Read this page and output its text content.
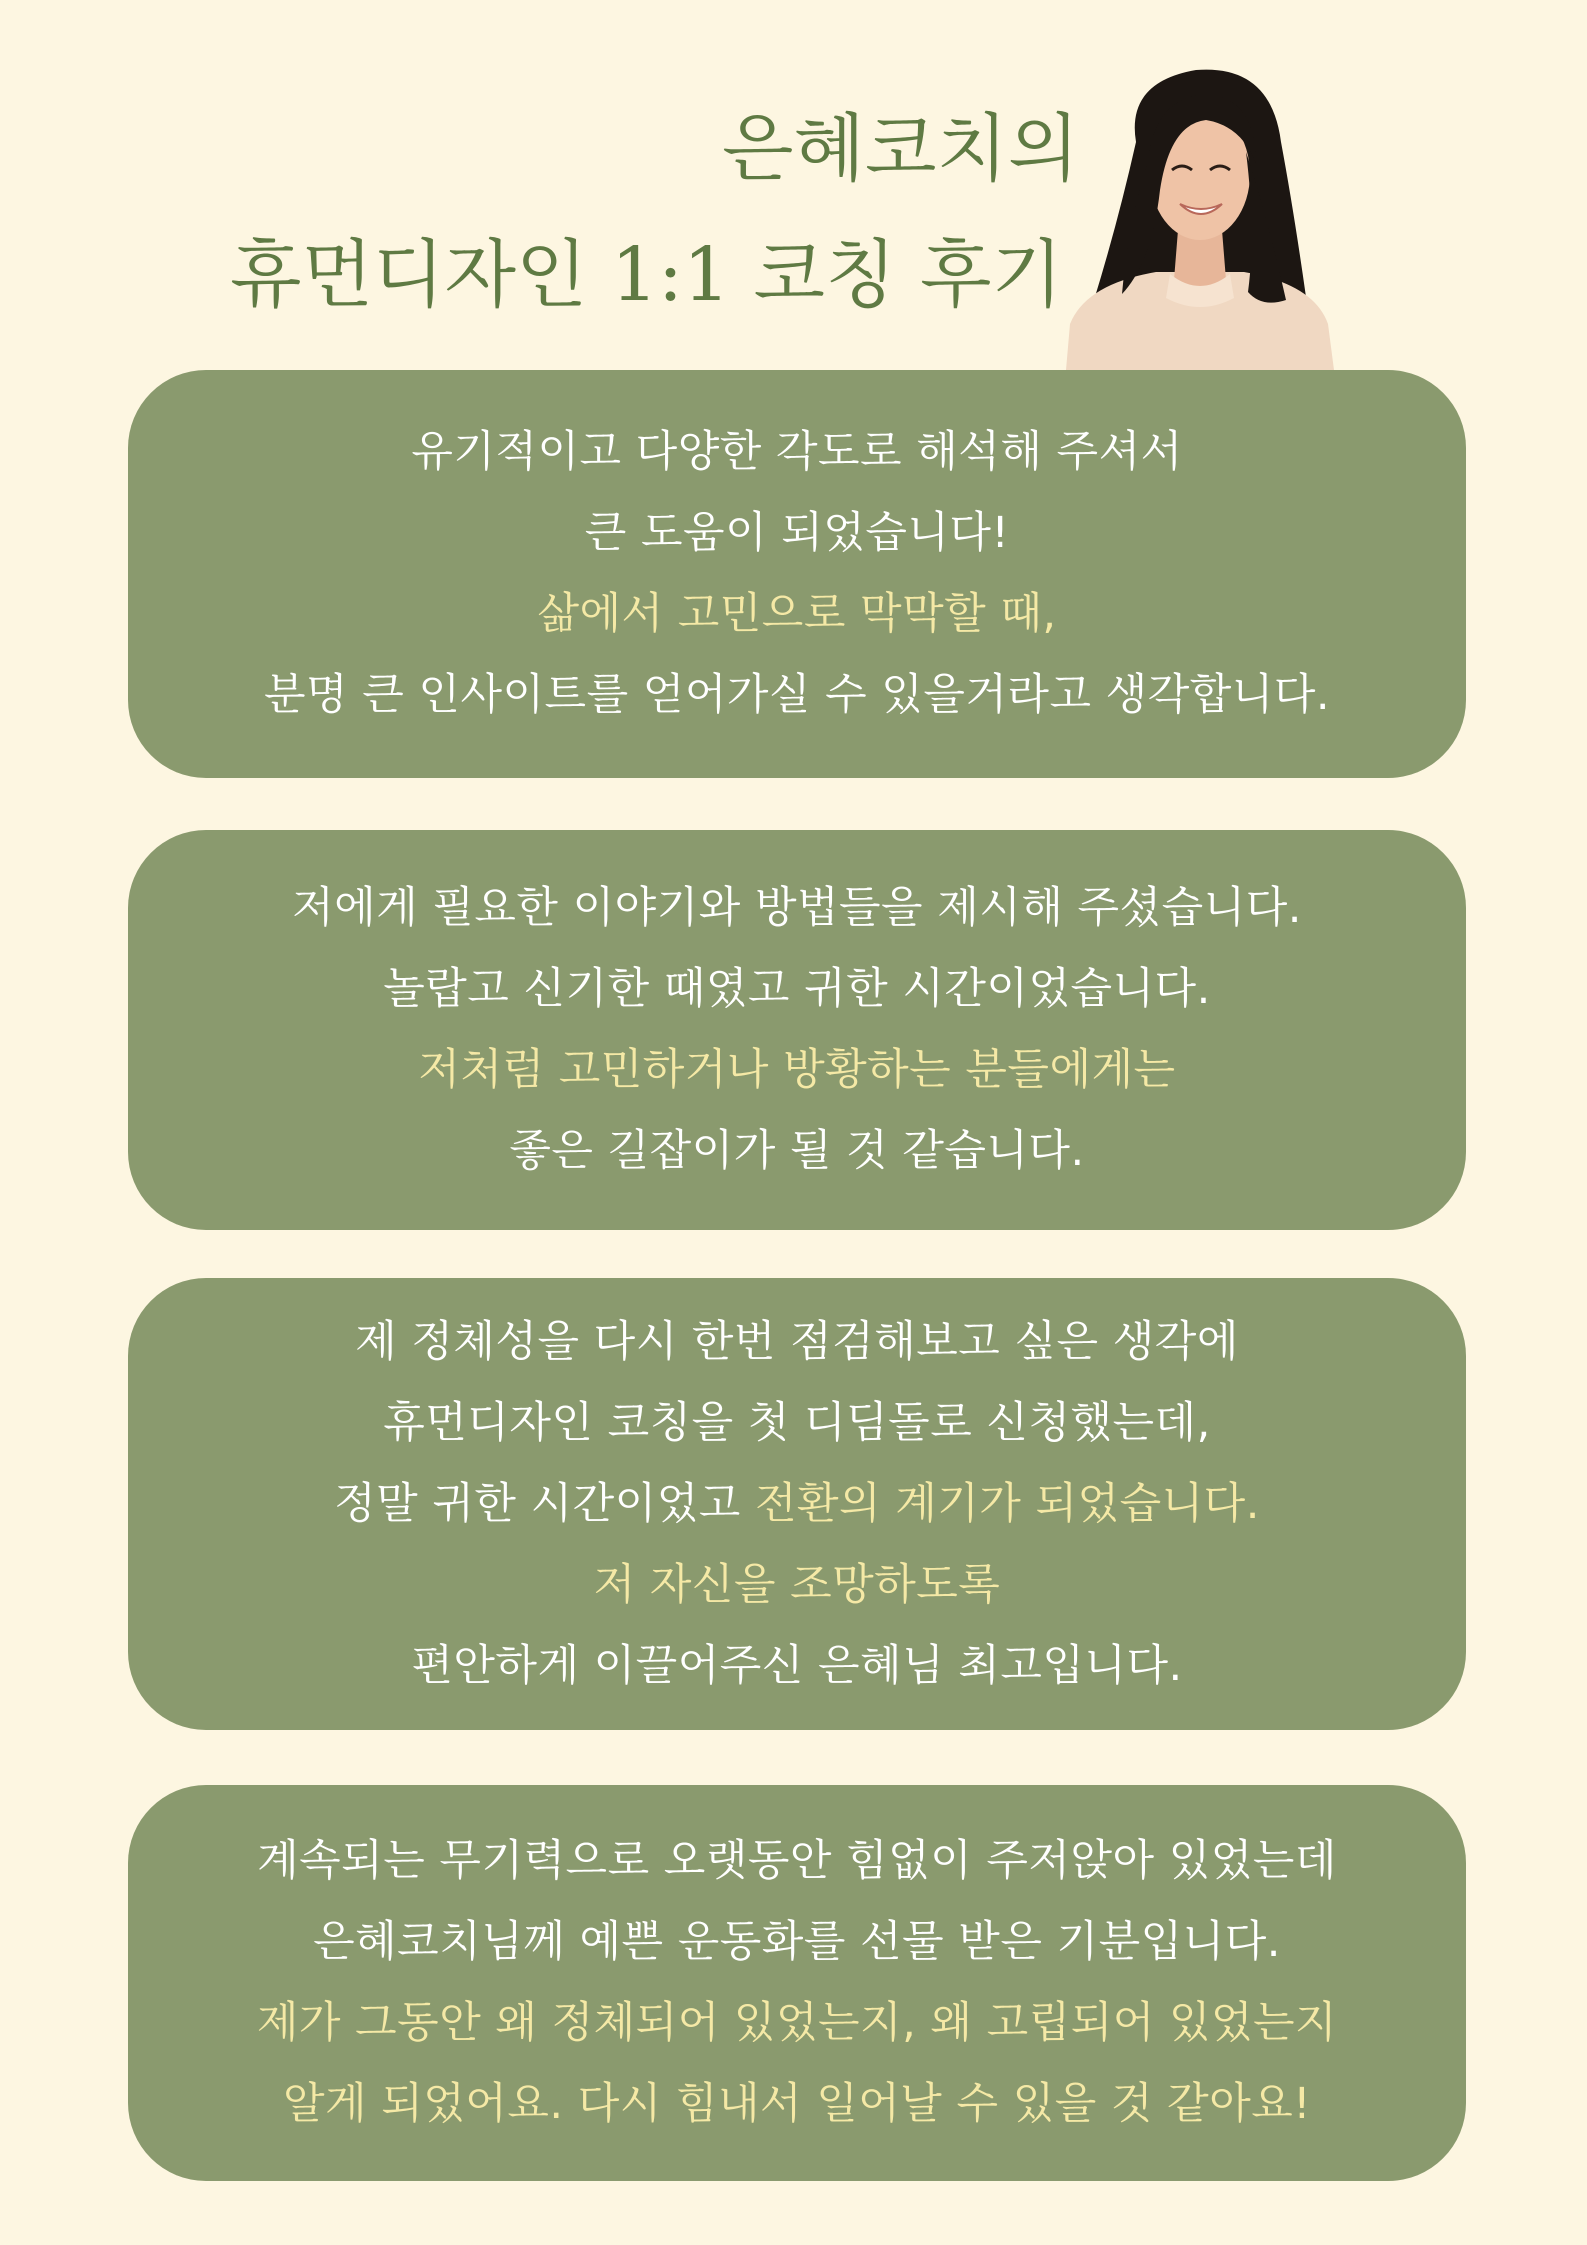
은혜코치의
휴먼디자인 1:1 코칭 후기
유기적이고 다양한 각도로 해석해 주셔서
큰 도움이 되었습니다!
삶에서 고민으로 막막할 때,
분명 큰 인사이트를 얻어가실 수 있을거라고 생각합니다.
저에게 필요한 이야기와 방법들을 제시해 주셨습니다.
놀랍고 신기한 때였고 귀한 시간이었습니다.
저처럼 고민하거나 방황하는 분들에게는
좋은 길잡이가 될 것 같습니다.
제 정체성을 다시 한번 점검해보고 싶은 생각에
휴먼디자인 코칭을 첫 디딤돌로 신청했는데,
정말 귀한 시간이었고 전환의 계기가 되었습니다.
저 자신을 조망하도록
편안하게 이끌어주신 은혜님 최고입니다.
계속되는 무기력으로 오랫동안 힘없이 주저앉아 있었는데
은혜코치님께 예쁜 운동화를 선물 받은 기분입니다.
제가 그동안 왜 정체되어 있었는지, 왜 고립되어 있었는지
알게 되었어요. 다시 힘내서 일어날 수 있을 것 같아요!
